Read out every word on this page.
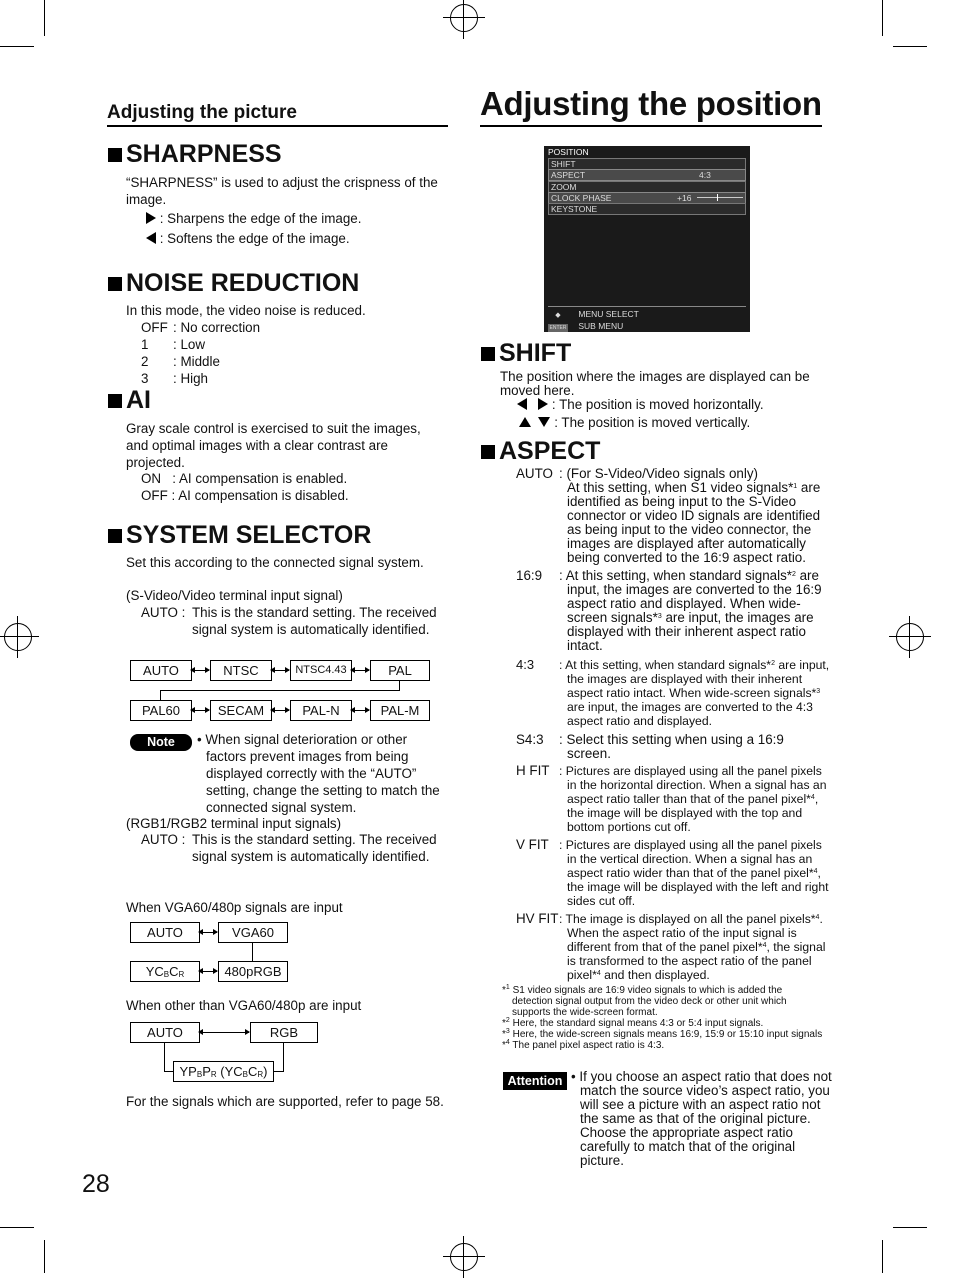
Adjusting the picture
SHARPNESS
“SHARPNESS” is used to adjust the crispness of the image.
: Sharpens the edge of the image.
: Softens the edge of the image.
NOISE REDUCTION
In this mode, the video noise is reduced.
OFF : No correction
1 : Low
2 : Middle
3 : High
AI
Gray scale control is exercised to suit the images, and optimal images with a clear contrast are projected.
ON   : AI compensation is enabled.
OFF : AI compensation is disabled.
SYSTEM SELECTOR
Set this according to the connected signal system.
(S-Video/Video terminal input signal)
AUTO : This is the standard setting. The received signal system is automatically identified.
AUTO	NTSC	NTSC4.43	PAL
PAL60	SECAM	PAL-N	PAL-M
Note	• When signal deterioration or other factors prevent images from being displayed correctly with the “AUTO” setting, change the setting to match the connected signal system.
(RGB1/RGB2 terminal input signals)
AUTO : This is the standard setting. The received signal system is automatically identified.
When VGA60/480p signals are input
AUTO	VGA60
$YC_BC_R$	480pRGB
When other than VGA60/480p are input
AUTO	RGB
$YP_BP_R$ $(YC_BC_R)$
For the signals which are supported, refer to page 58.
28
Adjusting the position
POSITION
SHIFT
ASPECT	4:3
ZOOM
CLOCK PHASE	+16
KEYSTONE
◆ MENU SELECT
ENTER SUB MENU
SHIFT
The position where the images are displayed can be moved here.
: The position is moved horizontally.
: The position is moved vertically.
ASPECT
AUTO : (For S-Video/Video signals only)
At this setting, when S1 video signals*$^1$ are identified as being input to the S-Video connector or video ID signals are identified as being input to the video connector, the images are displayed after automatically being converted to the 16:9 aspect ratio.
16:9 : At this setting, when standard signals*$^2$ are input, the images are converted to the 16:9 aspect ratio and displayed. When wide-screen signals*$^3$ are input, the images are displayed with their inherent aspect ratio intact.
4:3 : At this setting, when standard signals*$^2$ are input, the images are displayed with their inherent aspect ratio intact. When wide-screen signals*$^3$ are input, the images are converted to the 4:3 aspect ratio and displayed.
S4:3 : Select this setting when using a 16:9 screen.
H FIT : Pictures are displayed using all the panel pixels in the horizontal direction. When a signal has an aspect ratio taller than that of the panel pixel*$^4$, the image will be displayed with the top and bottom portions cut off.
V FIT : Pictures are displayed using all the panel pixels in the vertical direction. When a signal has an aspect ratio wider than that of the panel pixel*$^4$, the image will be displayed with the left and right sides cut off.
HV FIT : The image is displayed on all the panel pixels*$^4$. When the aspect ratio of the input signal is different from that of the panel pixel*$^4$, the signal is transformed to the aspect ratio of the panel pixel*$^4$ and then displayed.
*$^1$ S1 video signals are 16:9 video signals to which is added the detection signal output from the video deck or other unit which supports the wide-screen format.
*$^2$ Here, the standard signal means 4:3 or 5:4 input signals.
*$^3$ Here, the wide-screen signals means 16:9, 15:9 or 15:10 input signals
*$^4$ The panel pixel aspect ratio is 4:3.
Attention • If you choose an aspect ratio that does not match the source video’s aspect ratio, you will see a picture with an aspect ratio not the same as that of the original picture. Choose the appropriate aspect ratio carefully to match that of the original picture.
